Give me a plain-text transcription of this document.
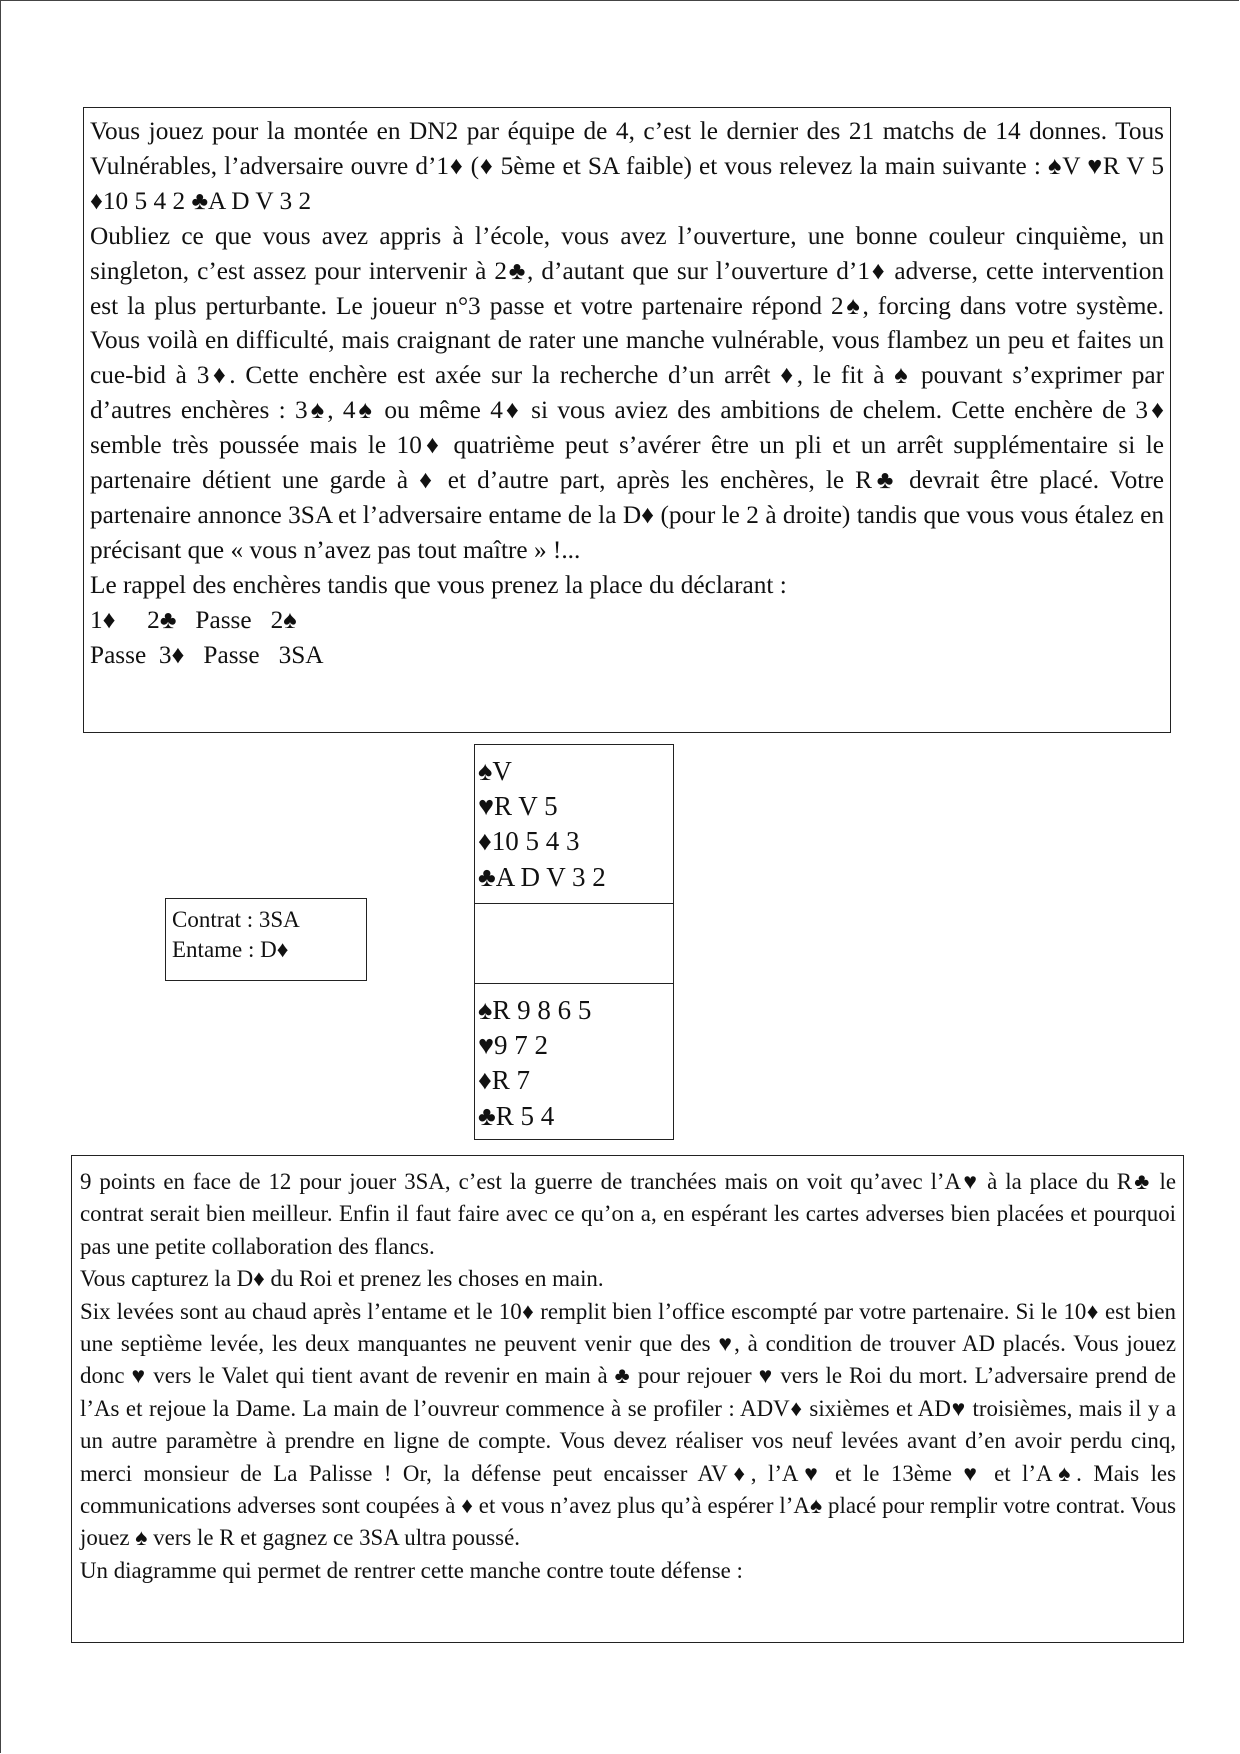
Vous jouez pour la montée en DN2 par équipe de 4, c’est le dernier des 21 matchs de 14 donnes. Tous Vulnérables, l’adversaire ouvre d’1♦ (♦ 5ème et SA faible) et vous relevez la main suivante : ♠V ♥R V 5 ♦10 5 4 2 ♣A D V 3 2

Oubliez ce que vous avez appris à l’école, vous avez l’ouverture, une bonne couleur cinquième, un singleton, c’est assez pour intervenir à 2♣, d’autant que sur l’ouverture d’1♦ adverse, cette intervention est la plus perturbante. Le joueur n°3 passe et votre partenaire répond 2♠, forcing dans votre système. Vous voilà en difficulté, mais craignant de rater une manche vulnérable, vous flambez un peu et faites un cue-bid à 3♦. Cette enchère est axée sur la recherche d’un arrêt ♦, le fit à ♠ pouvant s’exprimer par d’autres enchères : 3♠, 4♠ ou même 4♦ si vous aviez des ambitions de chelem. Cette enchère de 3♦ semble très poussée mais le 10♦ quatrième peut s’avérer être un pli et un arrêt supplémentaire si le partenaire détient une garde à ♦ et d’autre part, après les enchères, le R♣ devrait être placé. Votre partenaire annonce 3SA et l’adversaire entame de la D♦ (pour le 2 à droite) tandis que vous vous étalez en précisant que « vous n’avez pas tout maître » !...

Le rappel des enchères tandis que vous prenez la place du déclarant :

1♦     2♣   Passe   2♠
Passe  3♦   Passe   3SA
Contrat : 3SA
Entame : D♦
♠V
♥R V 5
♦10 5 4 3
♣A D V 3 2
♠R 9 8 6 5
♥9 7 2
♦R 7
♣R 5 4

9 points en face de 12 pour jouer 3SA, c’est la guerre de tranchées mais on voit qu’avec l’A♥ à la place du R♣ le contrat serait bien meilleur. Enfin il faut faire avec ce qu’on a, en espérant les cartes adverses bien placées et pourquoi pas une petite collaboration des flancs.

Vous capturez la D♦ du Roi et prenez les choses en main.

Six levées sont au chaud après l’entame et le 10♦ remplit bien l’office escompté par votre partenaire. Si le 10♦ est bien une septième levée, les deux manquantes ne peuvent venir que des ♥, à condition de trouver AD placés. Vous jouez donc ♥ vers le Valet qui tient avant de revenir en main à ♣ pour rejouer ♥ vers le Roi du mort. L’adversaire prend de l’As et rejoue la Dame. La main de l’ouvreur commence à se profiler : ADV♦ sixièmes et AD♥ troisièmes, mais il y a un autre paramètre à prendre en ligne de compte. Vous devez réaliser vos neuf levées avant d’en avoir perdu cinq, merci monsieur de La Palisse ! Or, la défense peut encaisser AV♦, l’A♥ et le 13ème ♥ et l’A♠. Mais les communications adverses sont coupées à ♦ et vous n’avez plus qu’à espérer l’A♠ placé pour remplir votre contrat. Vous jouez ♠ vers le R et gagnez ce 3SA ultra poussé.

Un diagramme qui permet de rentrer cette manche contre toute défense :
